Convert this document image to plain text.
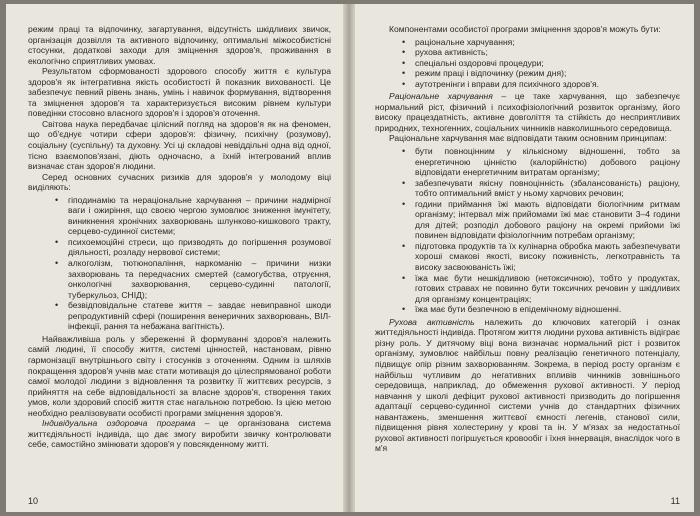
режим праці та відпочинку, загартування, відсутність шкідливих звичок, організація дозвілля та активного відпочинку, оптимальні міжособистісні стосунки, додаткові заходи для зміцнення здоров'я, проживання в екологічно сприятливих умовах.

Результатом сформованості здорового способу життя є культура здоров'я як інтегративна якість особистості й показник вихованості. Це забезпечує певний рівень знань, умінь і навичок формування, відтворення та зміцнення здоров'я та характеризується високим рівнем культури поведінки стосовно власного здоров'я і здоров'я оточення.

Світова наука передбачає цілісний погляд на здоров'я як на феномен, що об'єднує чотири сфери здоров'я: фізичну, психічну (розумову), соціальну (суспільну) та духовну. Усі ці складові невіддільні одна від одної, тісно взаємопов'язані, діють одночасно, а їхній інтегрований вплив визначає стан здоров'я людини.

Серед основних сучасних ризиків для здоров'я у молодому віці виділяють:

• гіподинамію та нераціональне харчування – причини надмірної ваги і ожиріння, що своєю чергою зумовлює зниження імунітету, виникнення хронічних захворювань шлунково-кишкового тракту, серцево-судинної системи;
• психоемоційні стреси, що призводять до погіршення розумової діяльності, розладу нервової системи;
• алкоголізм, тютюнопаління, наркоманію – причини низки захворювань та передчасних смертей (самогубства, отруєння, онкологічні захворювання, серцево-судинні патології, туберкульоз, СНІД);
• безвідповідальне статеве життя – завдає невиправної шкоди репродуктивній сфері (поширення венеричних захворювань, ВІЛ-інфекції, рання та небажана вагітність).

Найважливіша роль у збереженні й формуванні здоров'я належить самій людині, її способу життя, системі цінностей, настановам, рівню гармонізації внутрішнього світу і стосунків з оточенням. Одним із шляхів покращення здоров'я учнів має стати мотивація до цілеспрямованої роботи самої молодої людини з відновлення та розвитку її життєвих ресурсів, з прийняття на себе відповідальності за власне здоров'я, створення таких умов, коли здоровий спосіб життя стає нагальною потребою. Із цією метою необхідно реалізовувати особисті програми зміцнення здоров'я.

Індивідуальна оздоровча програма – це організована система життєдіяльності індивіда, що дає змогу виробити звичку контролювати себе, самостійно змінювати здоров'я у повсякденному житті.

10

Компонентами особистої програми зміцнення здоров'я можуть бути:

• раціональне харчування;
• рухова активність;
• спеціальні оздоровчі процедури;
• режим праці і відпочинку (режим дня);
• аутотренінги і вправи для психічного здоров'я.

Раціональне харчування – це таке харчування, що забезпечує нормальний ріст, фізичний і психофізіологічний розвиток організму, його високу працездатність, активне довголіття та стійкість до несприятливих природних, техногенних, соціальних чинників навколишнього середовища.

Раціональне харчування має відповідати таким основним принципам:

• бути повноцінним у кількісному відношенні, тобто за енергетичною цінністю (калорійністю) добового раціону відповідати енергетичним витратам організму;
• забезпечувати якісну повноцінність (збалансованість) раціону, тобто оптимальний вміст у ньому харчових речовин;
• години приймання їжі мають відповідати біологічним ритмам організму; інтервал між прийомами їжі має становити 3–4 години для дітей; розподіл добового раціону на окремі прийоми їжі повинен відповідати фізіологічним потребам організму;
• підготовка продуктів та їх кулінарна обробка мають забезпечувати хороші смакові якості, високу поживність, легкотравність та високу засвоюваність їжі;
• їжа має бути нешкідливою (нетоксичною), тобто у продуктах, готових стравах не повинно бути токсичних речовин у шкідливих для організму концентраціях;
• їжа має бути безпечною в епідемічному відношенні.

Рухова активність належить до ключових категорій і ознак життєдіяльності індивіда. Протягом життя людини рухова активність відіграє різну роль. У дитячому віці вона визначає нормальний ріст і розвиток організму, зумовлює найбільш повну реалізацію генетичного потенціалу, підвищує опір різним захворюванням. Зокрема, в період росту організм є найбільш чутливим до негативних впливів чинників зовнішнього середовища, наприклад, до обмеження рухової активності. У період навчання у школі дефіцит рухової активності призводить до погіршення адаптації серцево-судинної системи учнів до стандартних фізичних навантажень, зменшення життєвої ємності легенів, станової сили, підвищення рівня холестерину у крові та ін. У м'язах за недостатньої рухової активності погіршується кровообіг і їхня іннервація, внаслідок чого в м'я

11
